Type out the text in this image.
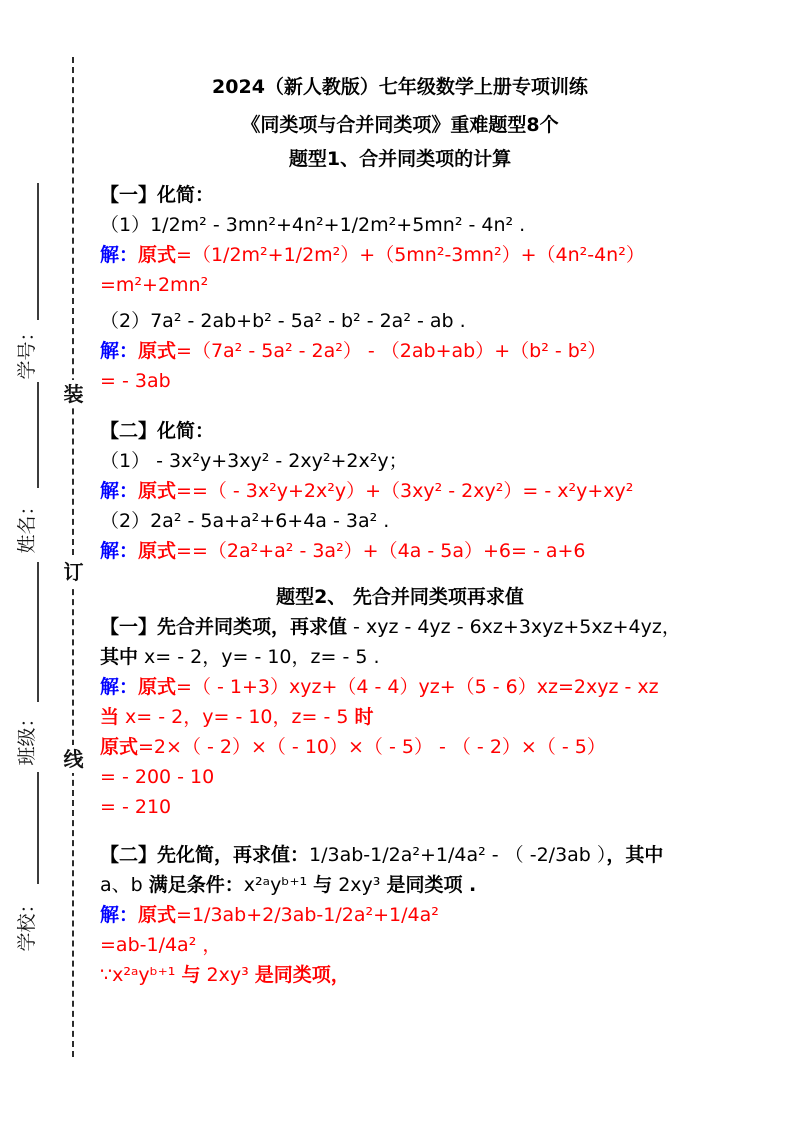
学号：
姓名：
班级：
学校：
装
订
线
2024（新人教版）七年级数学上册专项训练
《同类项与合并同类项》重难题型8个
题型1、合并同类项的计算
【一】化简：
（1）1/2m² - 3mn²+4n²+1/2m²+5mn² - 4n² .
解：原式=（1/2m²+1/2m²）+（5mn²-3mn²）+（4n²-4n²）
=m²+2mn²
（2）7a² - 2ab+b² - 5a² - b² - 2a² - ab .
解：原式=（7a² - 5a² - 2a²） - （2ab+ab）+（b² - b²）
= - 3ab
【二】化简：
（1） - 3x²y+3xy² - 2xy²+2x²y；
解：原式==（ - 3x²y+2x²y）+（3xy² - 2xy²）= - x²y+xy²
（2）2a² - 5a+a²+6+4a - 3a² .
解：原式==（2a²+a² - 3a²）+（4a - 5a）+6= - a+6
题型2、 先合并同类项再求值
【一】先合并同类项，再求值 - xyz - 4yz - 6xz+3xyz+5xz+4yz，
其中 x= - 2，y= - 10，z= - 5 .
解：原式=（ - 1+3）xyz+（4 - 4）yz+（5 - 6）xz=2xyz - xz
当 x= - 2，y= - 10，z= - 5 时
原式=2×（ - 2）×（ - 10）×（ - 5） - （ - 2）×（ - 5）
= - 200 - 10
= - 210
【二】先化简，再求值：1/3ab-1/2a²+1/4a² - （ -2/3ab ），其中
a、b 满足条件：x²ᵃyᵇ⁺¹ 与 2xy³ 是同类项 .
解：原式=1/3ab+2/3ab-1/2a²+1/4a²
=ab-1/4a² ，
∵x²ᵃyᵇ⁺¹ 与 2xy³ 是同类项，
